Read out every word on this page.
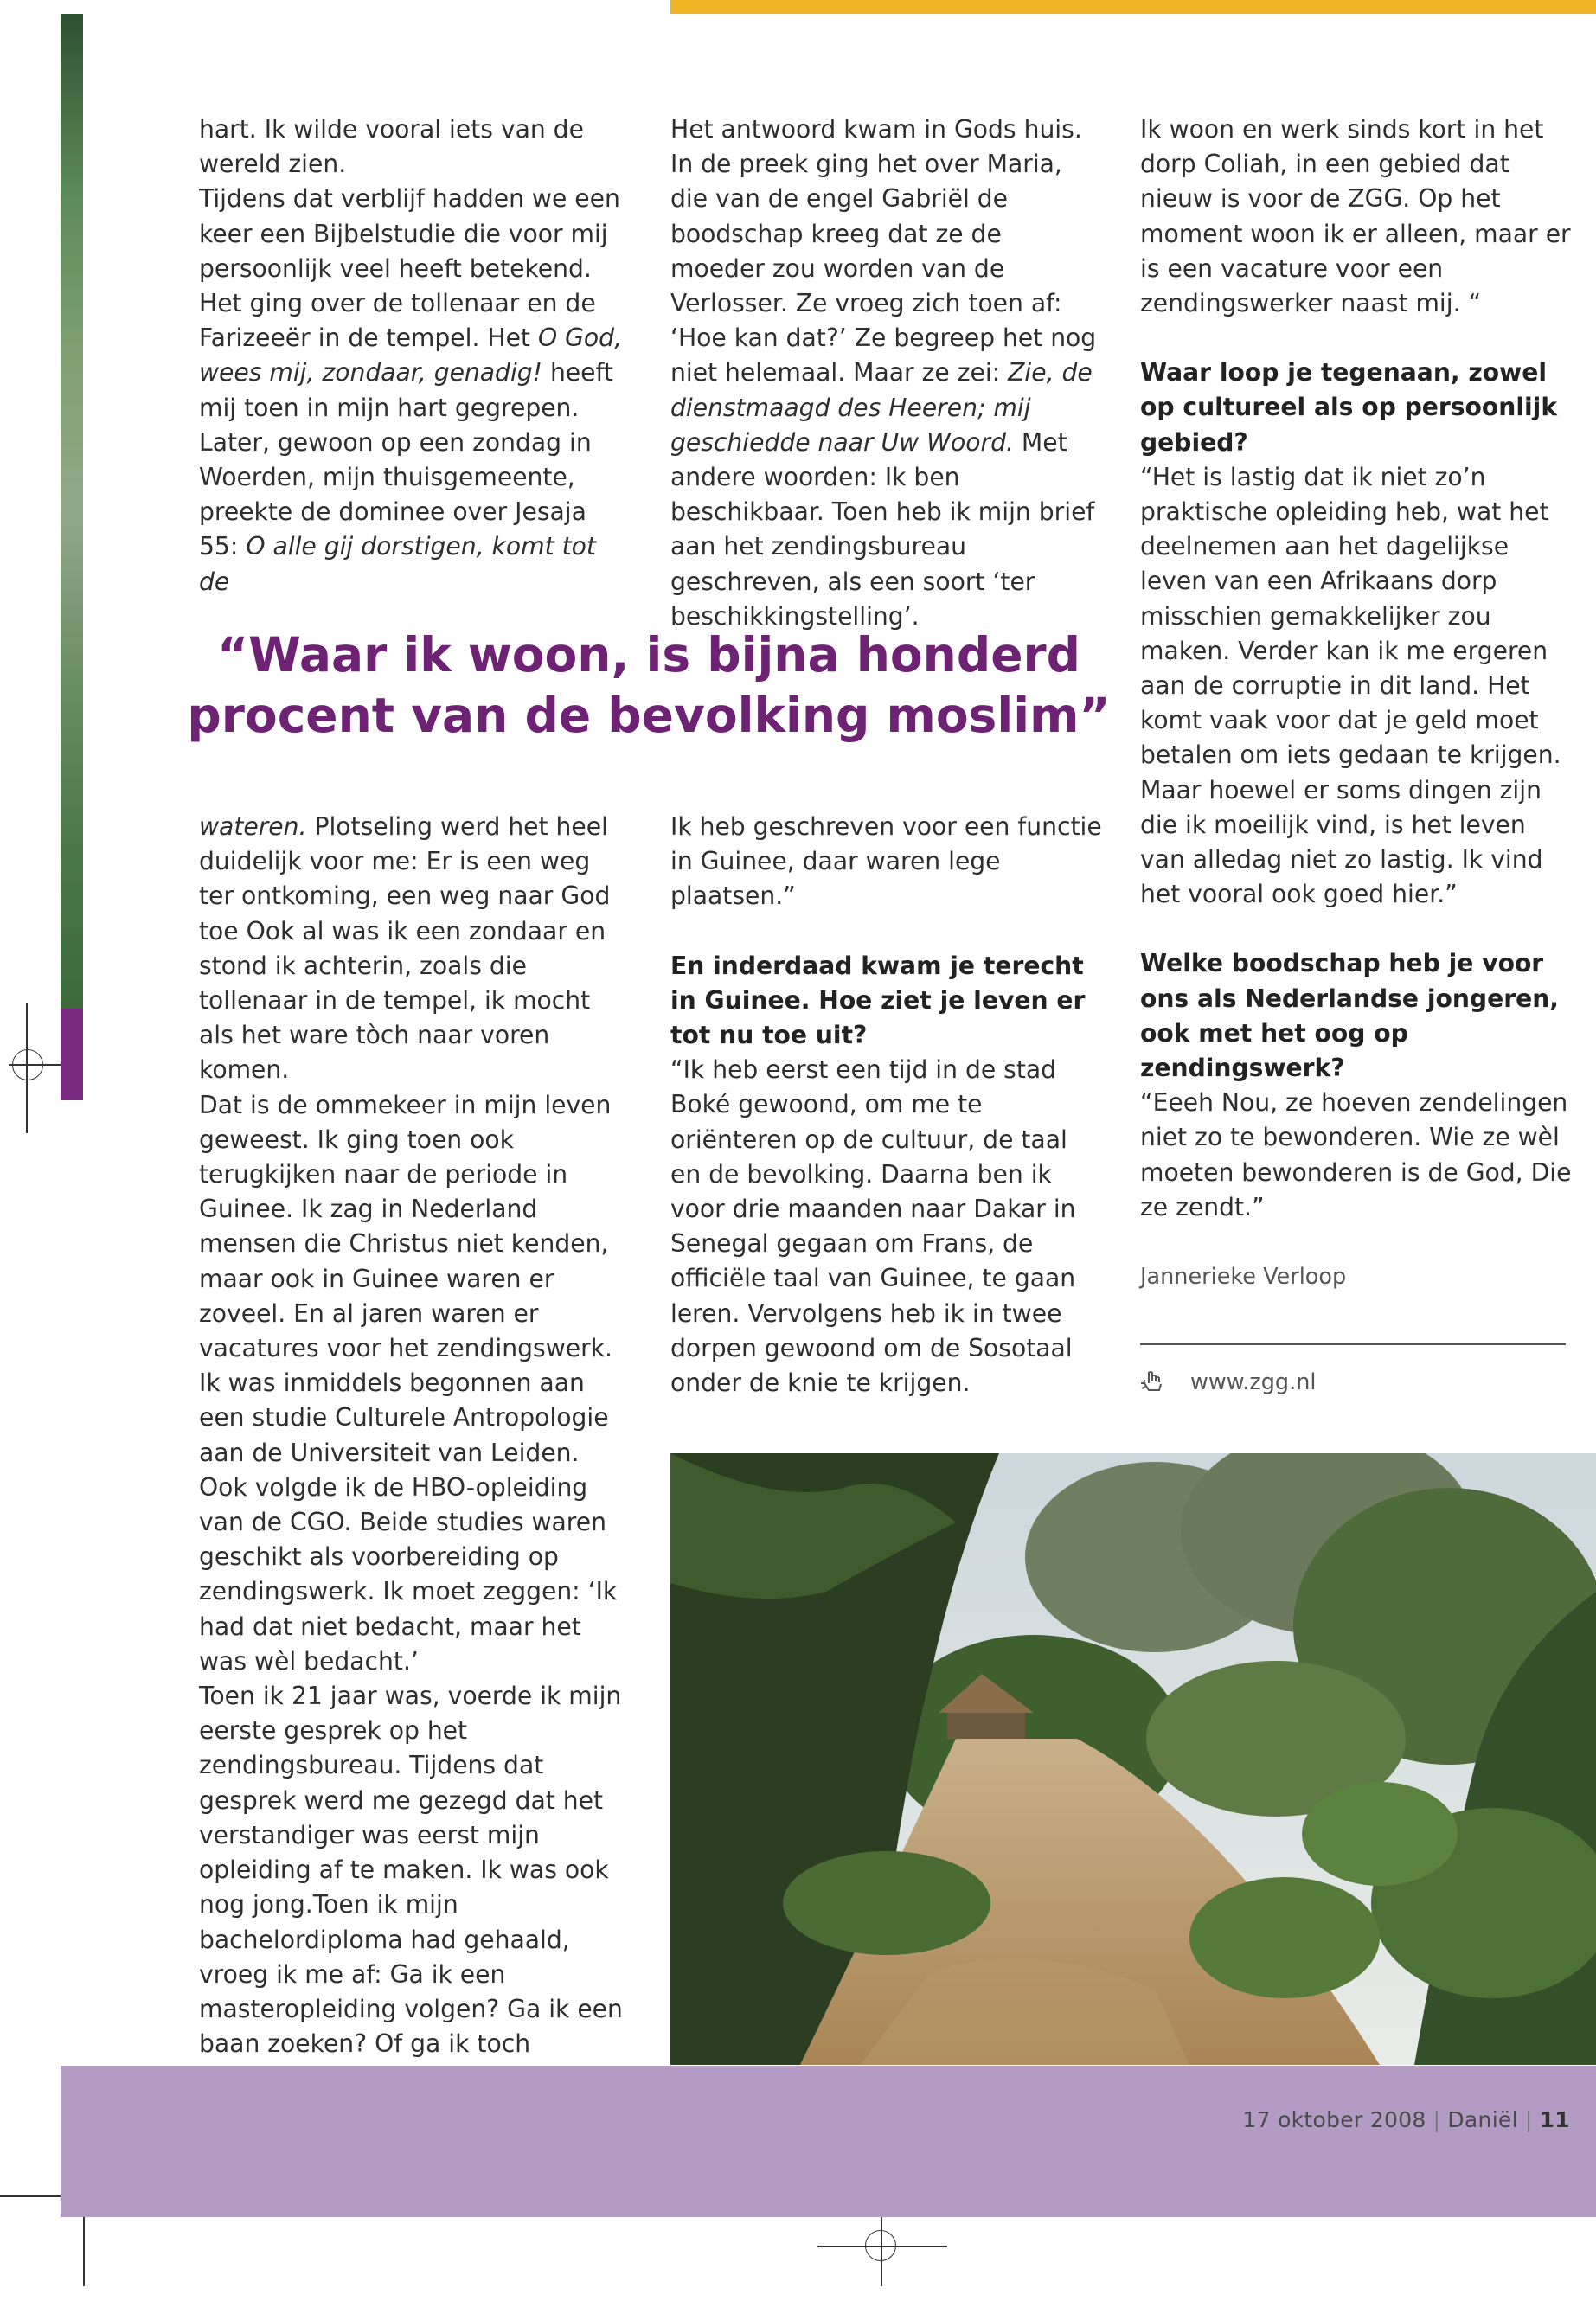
hart. Ik wilde vooral iets van de wereld zien.
Tijdens dat verblijf hadden we een keer een Bijbelstudie die voor mij persoonlijk veel heeft betekend. Het ging over de tollenaar en de Farizeeër in de tempel. Het O God, wees mij, zondaar, genadig! heeft mij toen in mijn hart gegrepen.
Later, gewoon op een zondag in Woerden, mijn thuisgemeente, preekte de dominee over Jesaja 55: O alle gij dorstigen, komt tot de

Het antwoord kwam in Gods huis. In de preek ging het over Maria, die van de engel Gabriël de boodschap kreeg dat ze de moeder zou worden van de Verlosser. Ze vroeg zich toen af: ‘Hoe kan dat?’ Ze begreep het nog niet helemaal. Maar ze zei: Zie, de dienstmaagd des Heeren; mij geschiedde naar Uw Woord. Met andere woorden: Ik ben beschikbaar. Toen heb ik mijn brief aan het zendingsbureau geschreven, als een soort ‘ter beschikkingstelling’.

“Waar ik woon, is bijna honderd procent van de bevolking moslim”

wateren. Plotseling werd het heel duidelijk voor me: Er is een weg ter ontkoming, een weg naar God toe Ook al was ik een zondaar en stond ik achterin, zoals die tollenaar in de tempel, ik mocht als het ware tòch naar voren komen.

Dat is de ommekeer in mijn leven geweest. Ik ging toen ook terugkijken naar de periode in Guinee. Ik zag in Nederland mensen die Christus niet kenden, maar ook in Guinee waren er zoveel. En al jaren waren er vacatures voor het zendingswerk.

Ik was inmiddels begonnen aan een studie Culturele Antropologie aan de Universiteit van Leiden. Ook volgde ik de HBO-opleiding van de CGO. Beide studies waren geschikt als voorbereiding op zendingswerk. Ik moet zeggen: ‘Ik had dat niet bedacht, maar het was wèl bedacht.’

Toen ik 21 jaar was, voerde ik mijn eerste gesprek op het zendingsbureau. Tijdens dat gesprek werd me gezegd dat het verstandiger was eerst mijn opleiding af te maken. Ik was ook nog jong.Toen ik mijn bachelordiploma had gehaald, vroeg ik me af: Ga ik een masteropleiding volgen? Ga ik een baan zoeken? Of ga ik toch

Ik heb geschreven voor een functie in Guinee, daar waren lege plaatsen.”

En inderdaad kwam je terecht in Guinee. Hoe ziet je leven er tot nu toe uit?

“Ik heb eerst een tijd in de stad Boké gewoond, om me te oriënteren op de cultuur, de taal en de bevolking. Daarna ben ik voor drie maanden naar Dakar in Senegal gegaan om Frans, de officiële taal van Guinee, te gaan leren. Vervolgens heb ik in twee dorpen gewoond om de Sosotaal onder de knie te krijgen.

Ik woon en werk sinds kort in het dorp Coliah, in een gebied dat nieuw is voor de ZGG. Op het moment woon ik er alleen, maar er is een vacature voor een zendingswerker naast mij. “

Waar loop je tegenaan, zowel op cultureel als op persoonlijk gebied?

“Het is lastig dat ik niet zo’n praktische opleiding heb, wat het deelnemen aan het dagelijkse leven van een Afrikaans dorp misschien gemakkelijker zou maken. Verder kan ik me ergeren aan de corruptie in dit land. Het komt vaak voor dat je geld moet betalen om iets gedaan te krijgen.

Maar hoewel er soms dingen zijn die ik moeilijk vind, is het leven van alledag niet zo lastig. Ik vind het vooral ook goed hier.”

Welke boodschap heb je voor ons als Nederlandse jongeren, ook met het oog op zendingswerk?

“Eeeh Nou, ze hoeven zendelingen niet zo te bewonderen. Wie ze wèl moeten bewonderen is de God, Die ze zendt.”

Jannerieke Verloop

www.zgg.nl
17 oktober 2008 | Daniël | 11
